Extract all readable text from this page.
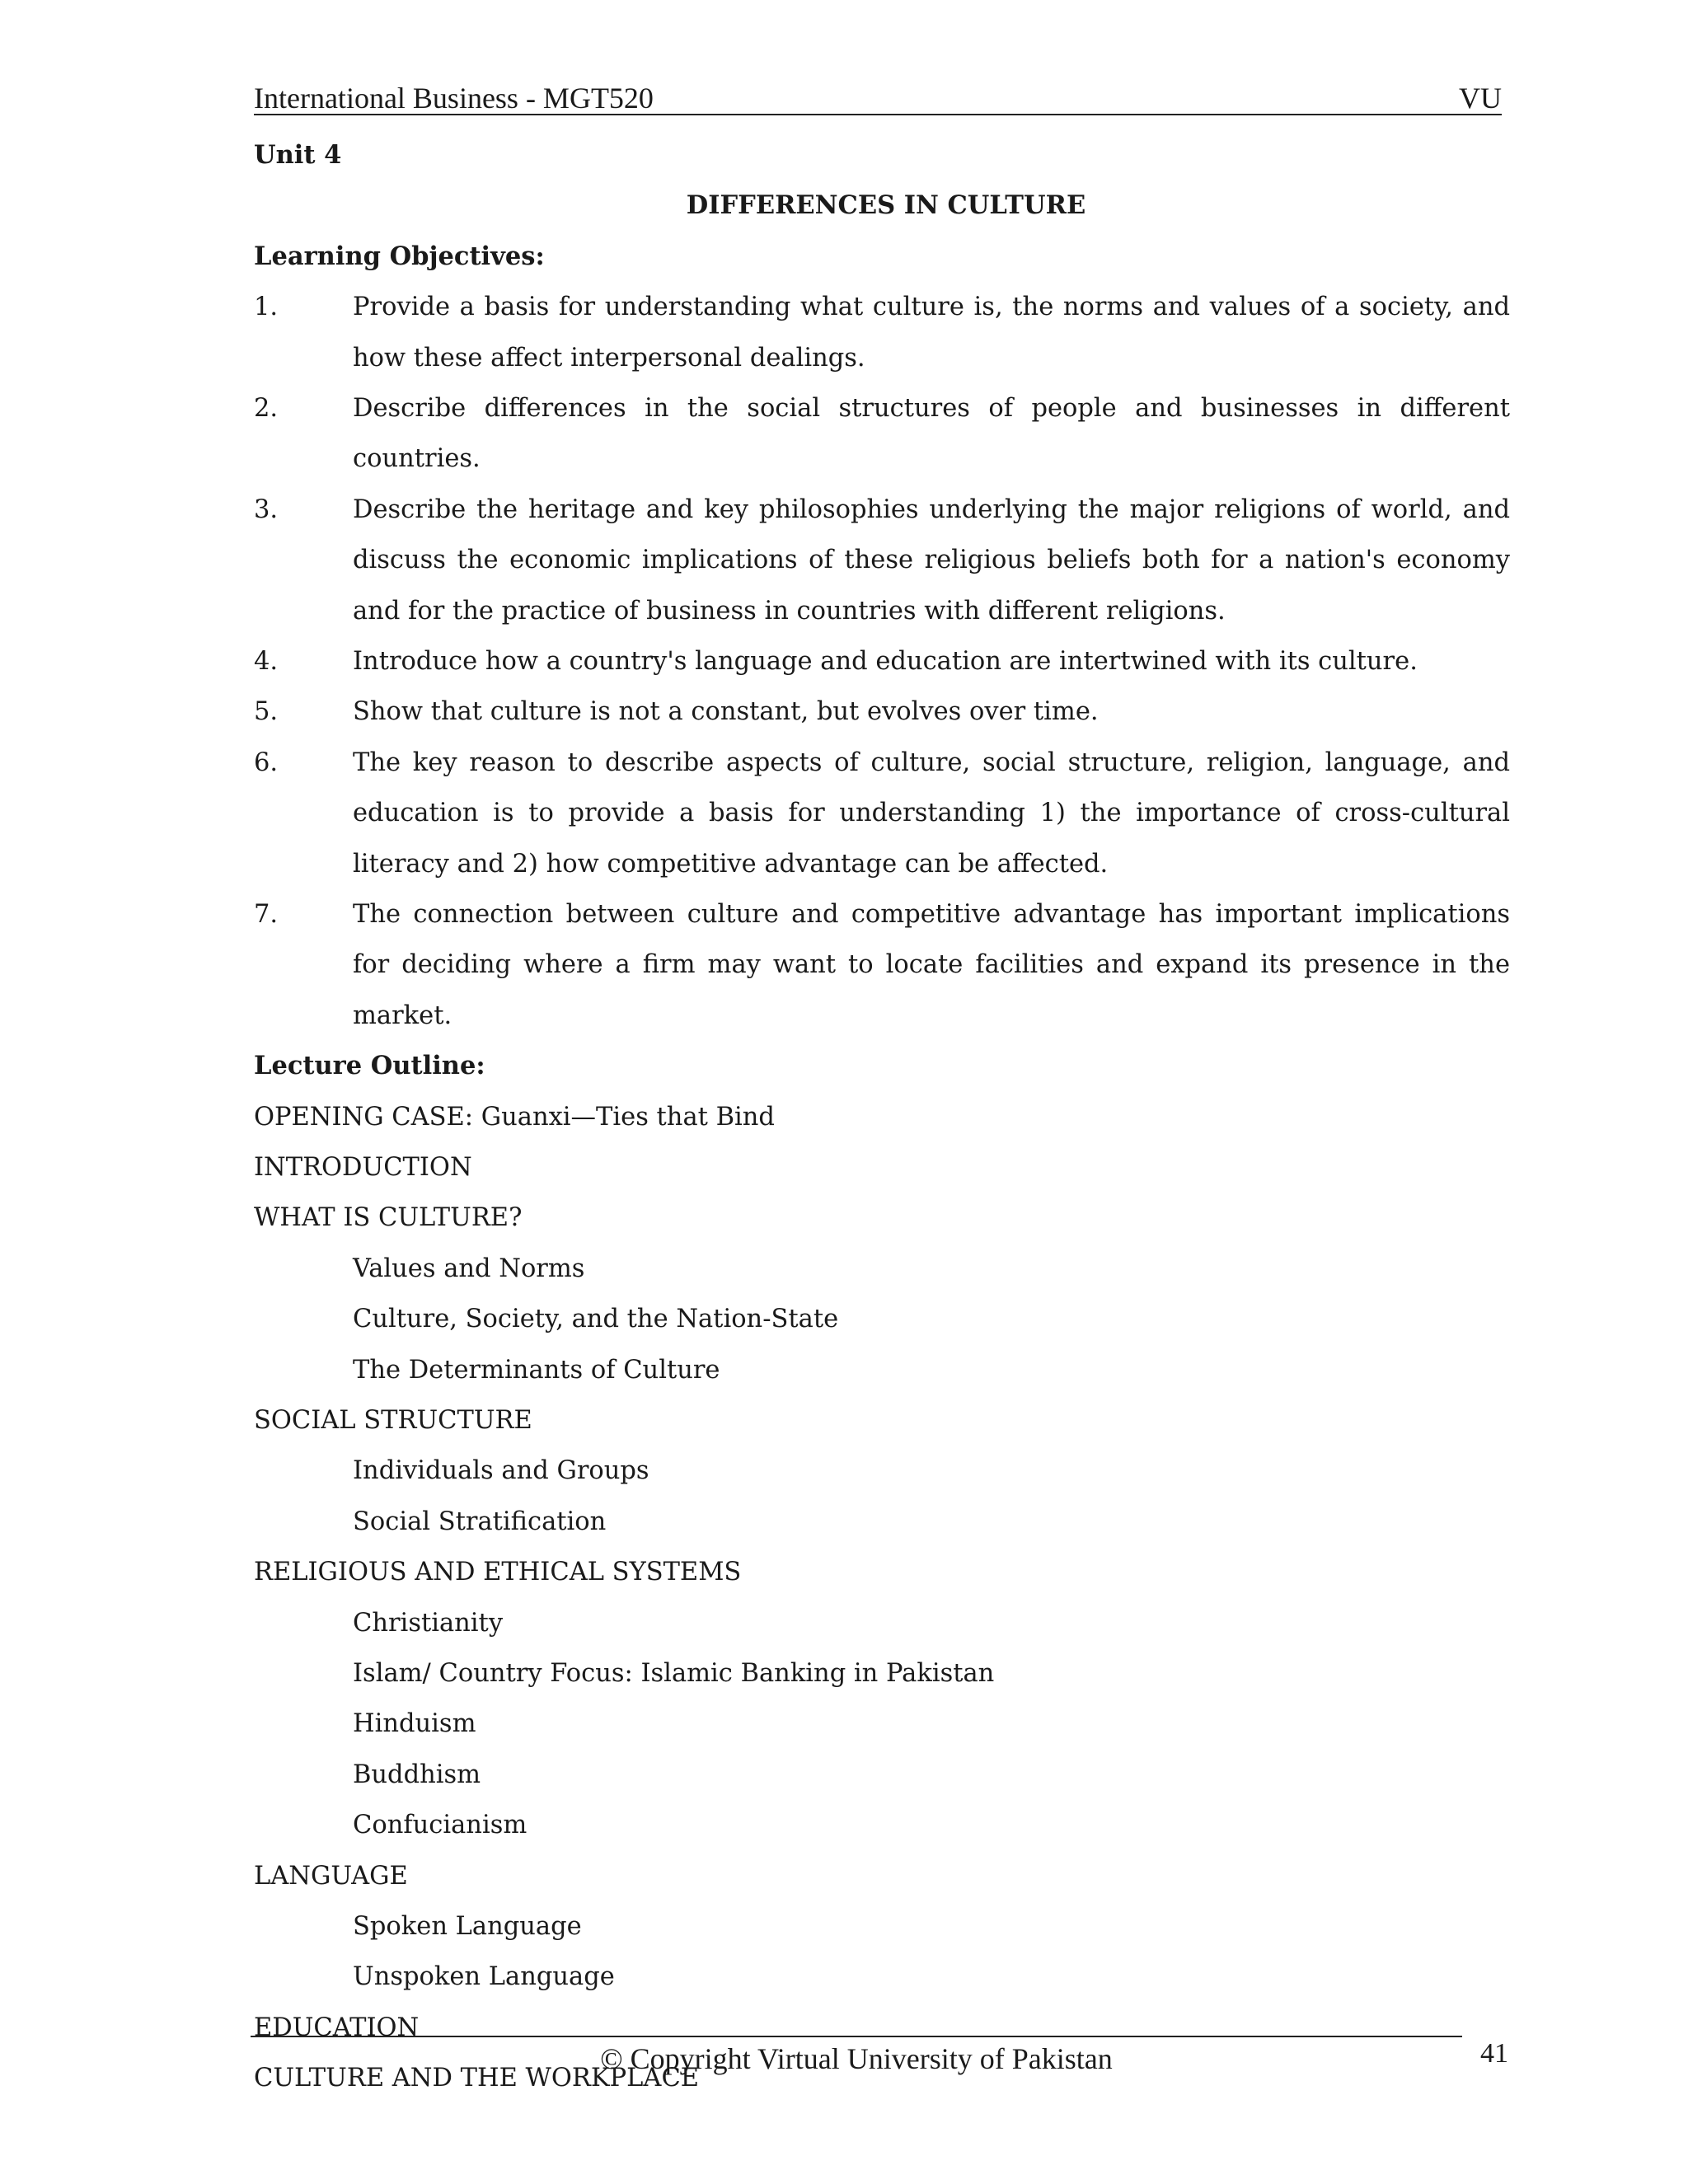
International Business - MGT520	VU
Unit 4
DIFFERENCES IN CULTURE
Learning Objectives:
1.	Provide a basis for understanding what culture is, the norms and values of a society, and how these affect interpersonal dealings.
2.	Describe differences in the social structures of people and businesses in different countries.
3.	Describe the heritage and key philosophies underlying the major religions of world, and discuss the economic implications of these religious beliefs both for a nation's economy and for the practice of business in countries with different religions.
4.	Introduce how a country's language and education are intertwined with its culture.
5.	Show that culture is not a constant, but evolves over time.
6.	The key reason to describe aspects of culture, social structure, religion, language, and education is to provide a basis for understanding 1) the importance of cross-cultural literacy and 2) how competitive advantage can be affected.
7.	The connection between culture and competitive advantage has important implications for deciding where a firm may want to locate facilities and expand its presence in the market.
Lecture Outline:
OPENING CASE: Guanxi—Ties that Bind
INTRODUCTION
WHAT IS CULTURE?
Values and Norms
Culture, Society, and the Nation-State
The Determinants of Culture
SOCIAL STRUCTURE
Individuals and Groups
Social Stratification
RELIGIOUS AND ETHICAL SYSTEMS
Christianity
Islam/ Country Focus: Islamic Banking in Pakistan
Hinduism
Buddhism
Confucianism
LANGUAGE
Spoken Language
Unspoken Language
EDUCATION
CULTURE AND THE WORKPLACE
© Copyright Virtual University of Pakistan	41
